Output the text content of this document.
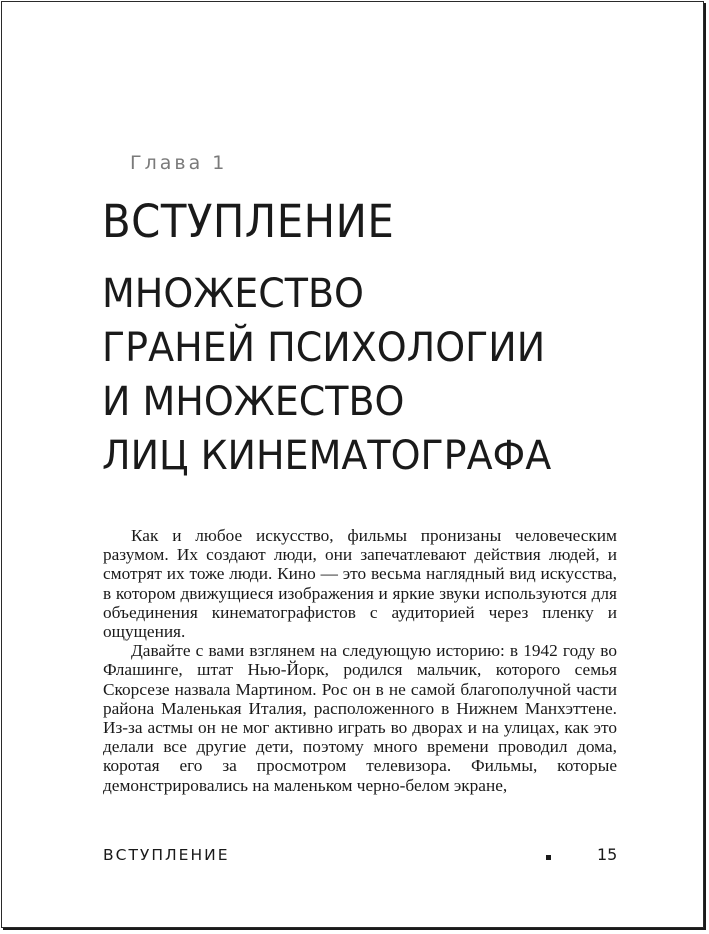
Глава 1
ВСТУПЛЕНИЕ
МНОЖЕСТВО
ГРАНЕЙ ПСИХОЛОГИИ
И МНОЖЕСТВО
ЛИЦ КИНЕМАТОГРАФА

Как и любое искусство, фильмы пронизаны человеческим разумом. Их создают люди, они запечатлевают действия людей, и смотрят их тоже люди. Кино — это весьма наглядный вид искусства, в котором движущиеся изображения и яркие звуки используются для объединения кинематографистов с аудиторией через пленку и ощущения.

Давайте с вами взглянем на следующую историю: в 1942 году во Флашинге, штат Нью-Йорк, родился мальчик, которого семья Скорсезе назвала Мартином. Рос он в не самой благополучной части района Маленькая Италия, расположенного в Нижнем Манхэттене. Из-за астмы он не мог активно играть во дворах и на улицах, как это делали все другие дети, поэтому много времени проводил дома, коротая его за просмотром телевизора. Фильмы, которые демонстрировались на маленьком черно-белом экране,

ВСТУПЛЕНИЕ	15
